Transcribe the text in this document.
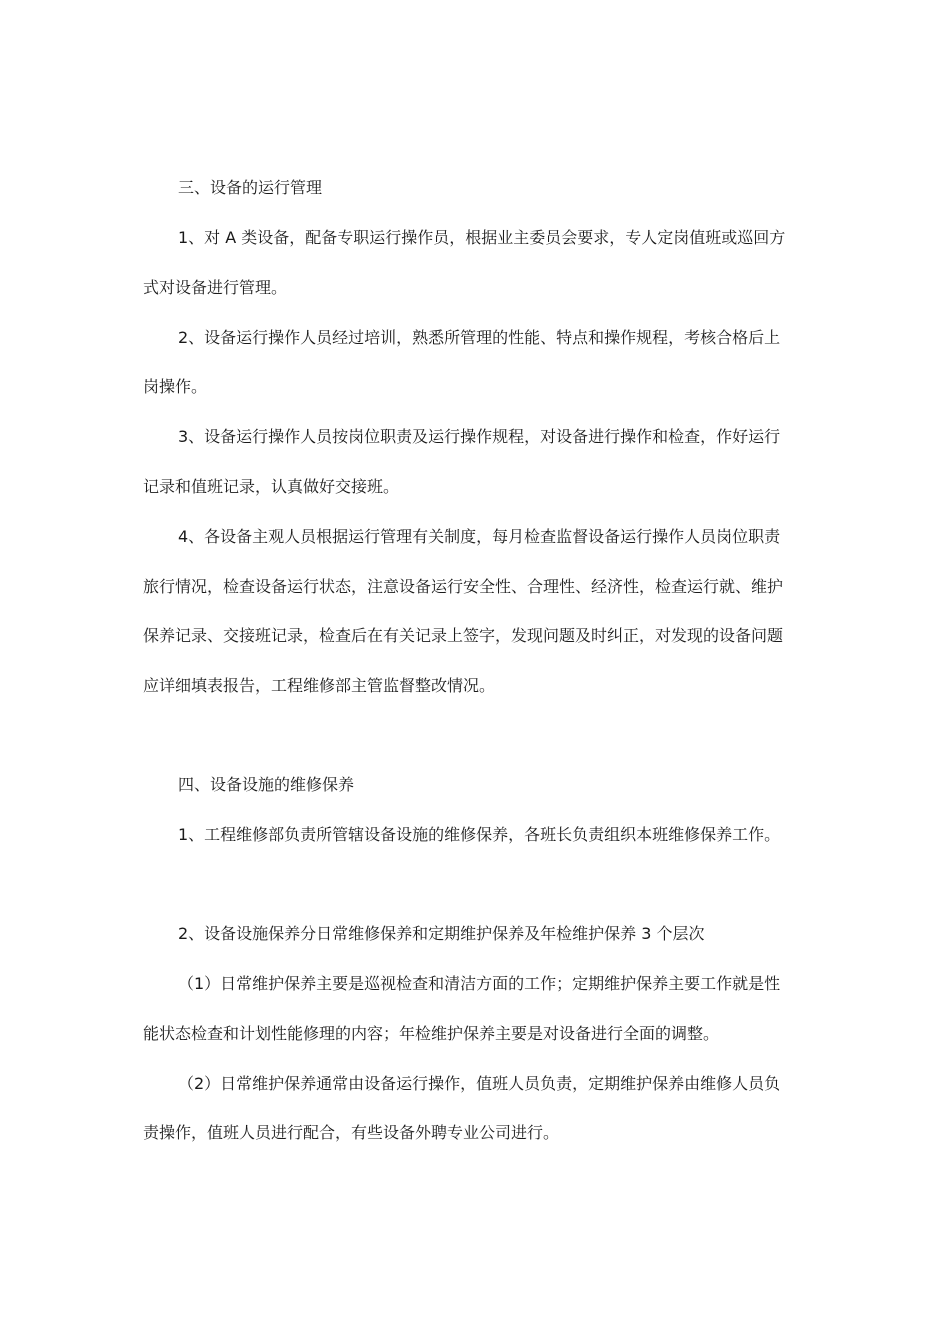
三、设备的运行管理

1、对 A 类设备，配备专职运行操作员，根据业主委员会要求，专人定岗值班或巡回方

式对设备进行管理。

2、设备运行操作人员经过培训，熟悉所管理的性能、特点和操作规程，考核合格后上

岗操作。

3、设备运行操作人员按岗位职责及运行操作规程，对设备进行操作和检查，作好运行

记录和值班记录，认真做好交接班。

4、各设备主观人员根据运行管理有关制度，每月检查监督设备运行操作人员岗位职责

旅行情况，检查设备运行状态，注意设备运行安全性、合理性、经济性，检查运行就、维护

保养记录、交接班记录，检查后在有关记录上签字，发现问题及时纠正，对发现的设备问题

应详细填表报告，工程维修部主管监督整改情况。

四、设备设施的维修保养

1、工程维修部负责所管辖设备设施的维修保养，各班长负责组织本班维修保养工作。

2、设备设施保养分日常维修保养和定期维护保养及年检维护保养 3 个层次

（1）日常维护保养主要是巡视检查和清洁方面的工作；定期维护保养主要工作就是性

能状态检查和计划性能修理的内容；年检维护保养主要是对设备进行全面的调整。

（2）日常维护保养通常由设备运行操作，值班人员负责，定期维护保养由维修人员负

责操作，值班人员进行配合，有些设备外聘专业公司进行。
